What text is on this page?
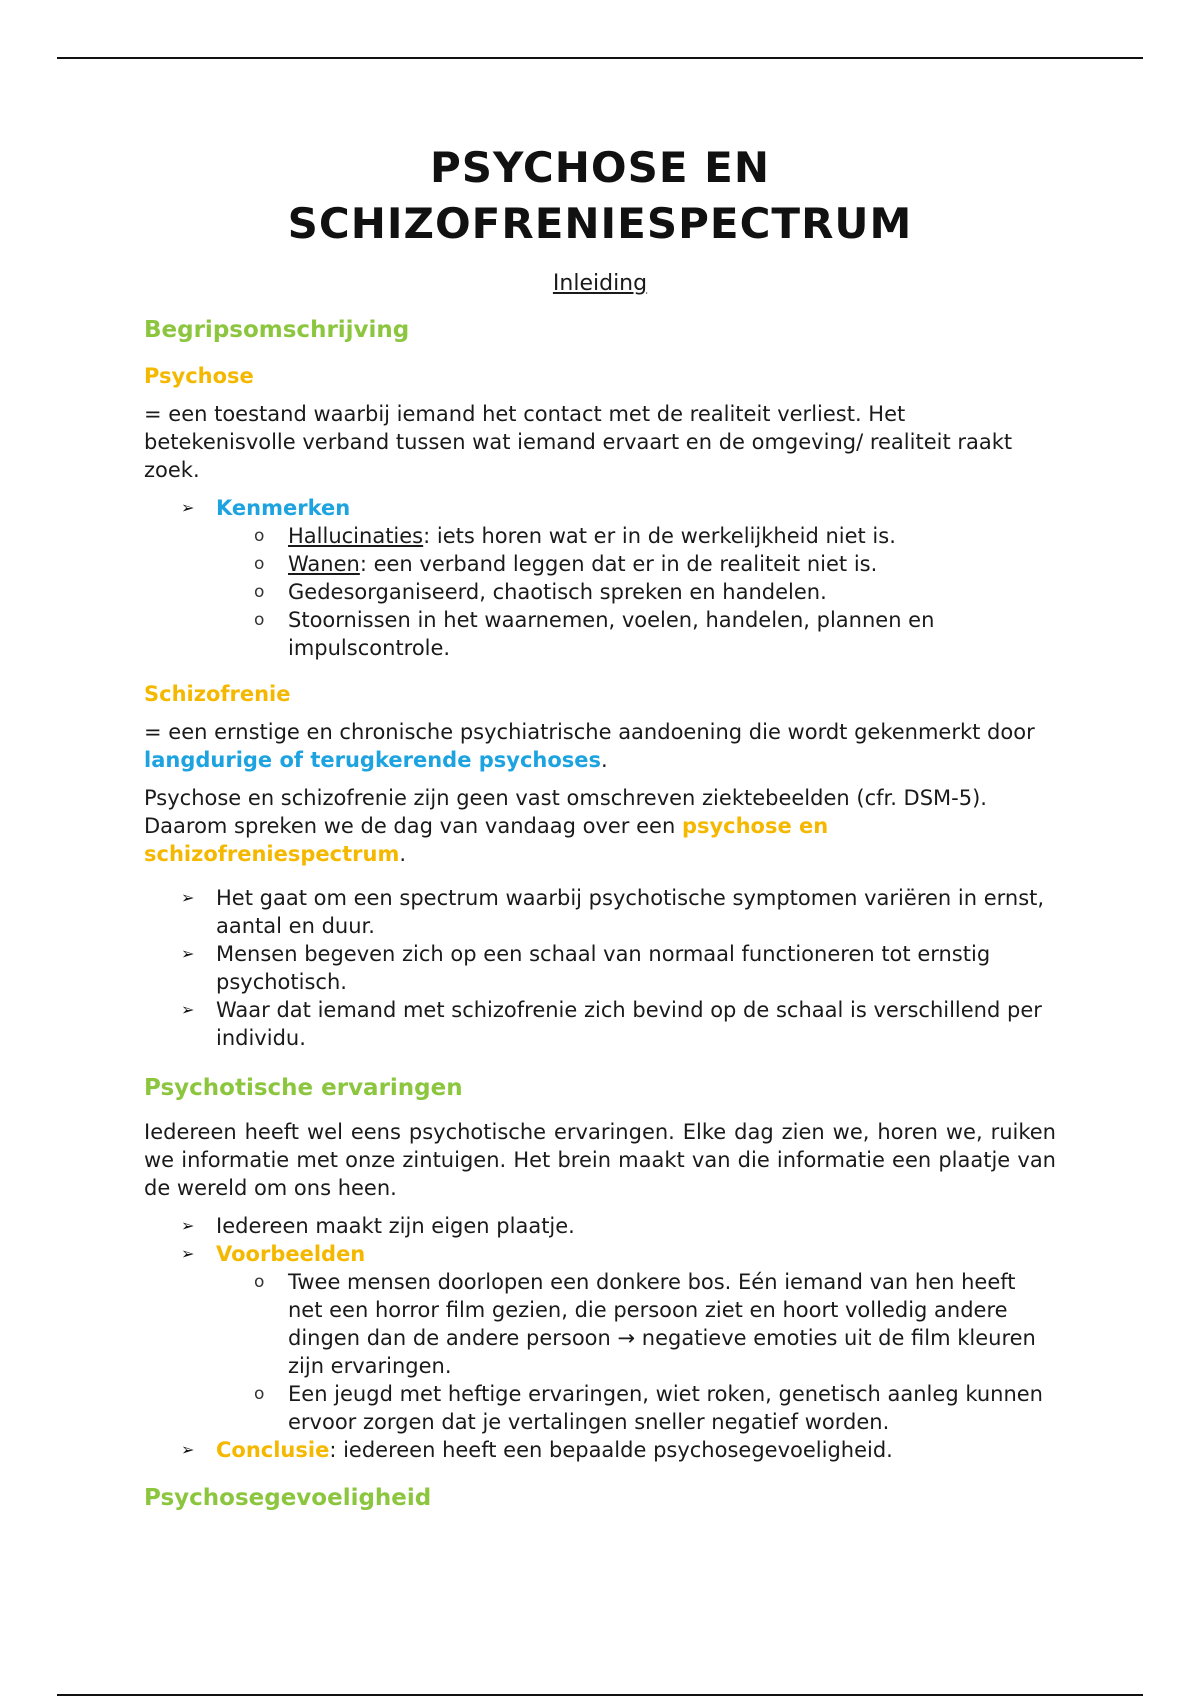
PSYCHOSE EN
SCHIZOFRENIESPECTRUM
Inleiding
Begripsomschrijving
Psychose

= een toestand waarbij iemand het contact met de realiteit verliest. Het betekenisvolle verband tussen wat iemand ervaart en de omgeving/ realiteit raakt zoek.

➢ Kenmerken
o Hallucinaties: iets horen wat er in de werkelijkheid niet is.
o Wanen: een verband leggen dat er in de realiteit niet is.
o Gedesorganiseerd, chaotisch spreken en handelen.
o Stoornissen in het waarnemen, voelen, handelen, plannen en impulscontrole.
Schizofrenie

= een ernstige en chronische psychiatrische aandoening die wordt gekenmerkt door langdurige of terugkerende psychoses.

Psychose en schizofrenie zijn geen vast omschreven ziektebeelden (cfr. DSM-5). Daarom spreken we de dag van vandaag over een psychose en schizofreniespectrum.

➢ Het gaat om een spectrum waarbij psychotische symptomen variëren in ernst, aantal en duur.
➢ Mensen begeven zich op een schaal van normaal functioneren tot ernstig psychotisch.
➢ Waar dat iemand met schizofrenie zich bevind op de schaal is verschillend per individu.
Psychotische ervaringen

Iedereen heeft wel eens psychotische ervaringen. Elke dag zien we, horen we, ruiken we informatie met onze zintuigen. Het brein maakt van die informatie een plaatje van de wereld om ons heen.

➢ Iedereen maakt zijn eigen plaatje.
➢ Voorbeelden
o Twee mensen doorlopen een donkere bos. Eén iemand van hen heeft net een horror film gezien, die persoon ziet en hoort volledig andere dingen dan de andere persoon → negatieve emoties uit de film kleuren zijn ervaringen.
o Een jeugd met heftige ervaringen, wiet roken, genetisch aanleg kunnen ervoor zorgen dat je vertalingen sneller negatief worden.
➢ Conclusie: iedereen heeft een bepaalde psychosegevoeligheid.
Psychosegevoeligheid
